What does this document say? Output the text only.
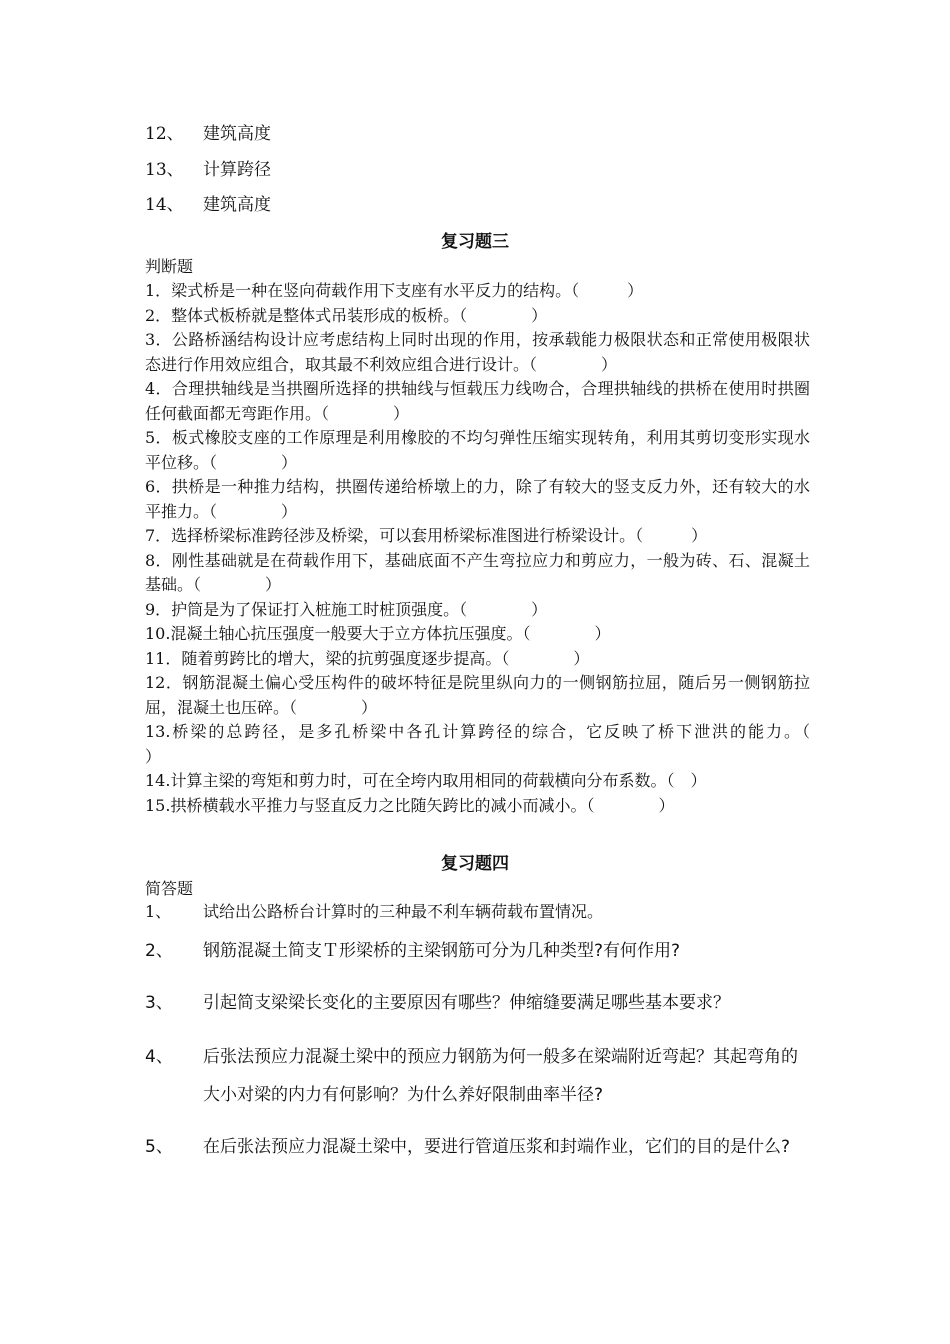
12、	建筑高度
13、	计算跨径
14、	建筑高度
复习题三
判断题
1．梁式桥是一种在竖向荷载作用下支座有水平反力的结构。（　　　）
2．整体式板桥就是整体式吊装形成的板桥。（　　　　）
3．公路桥涵结构设计应考虑结构上同时出现的作用，按承载能力极限状态和正常使用极限状态进行作用效应组合，取其最不利效应组合进行设计。（　　　　）
4．合理拱轴线是当拱圈所选择的拱轴线与恒载压力线吻合，合理拱轴线的拱桥在使用时拱圈任何截面都无弯距作用。（　　　　）
5．板式橡胶支座的工作原理是利用橡胶的不均匀弹性压缩实现转角，利用其剪切变形实现水平位移。（　　　　）
6．拱桥是一种推力结构，拱圈传递给桥墩上的力，除了有较大的竖支反力外，还有较大的水平推力。（　　　　）
7．选择桥梁标准跨径涉及桥梁，可以套用桥梁标准图进行桥梁设计。（　　　）
8．刚性基础就是在荷载作用下，基础底面不产生弯拉应力和剪应力，一般为砖、石、混凝土基础。（　　　　）
9．护筒是为了保证打入桩施工时桩顶强度。（　　　　）
10.混凝土轴心抗压强度一般要大于立方体抗压强度。（　　　　）
11．随着剪跨比的增大，梁的抗剪强度逐步提高。（　　　　）
12．钢筋混凝土偏心受压构件的破坏特征是院里纵向力的一侧钢筋拉屈，随后另一侧钢筋拉屈，混凝土也压碎。（　　　　）
13.桥梁的总跨径，是多孔桥梁中各孔计算跨径的综合，它反映了桥下泄洪的能力。（　　　　）
14.计算主梁的弯矩和剪力时，可在全垮内取用相同的荷载横向分布系数。（　）
15.拱桥横载水平推力与竖直反力之比随矢跨比的减小而减小。（　　　　）
复习题四
简答题
1、	试给出公路桥台计算时的三种最不利车辆荷载布置情况。
2、	钢筋混凝土简支Ｔ形梁桥的主梁钢筋可分为几种类型?有何作用?
3、	引起简支梁梁长变化的主要原因有哪些？伸缩缝要满足哪些基本要求？
4、	后张法预应力混凝土梁中的预应力钢筋为何一般多在梁端附近弯起？其起弯角的大小对梁的内力有何影响？为什么养好限制曲率半径?
5、	在后张法预应力混凝土梁中，要进行管道压浆和封端作业，它们的目的是什么?
